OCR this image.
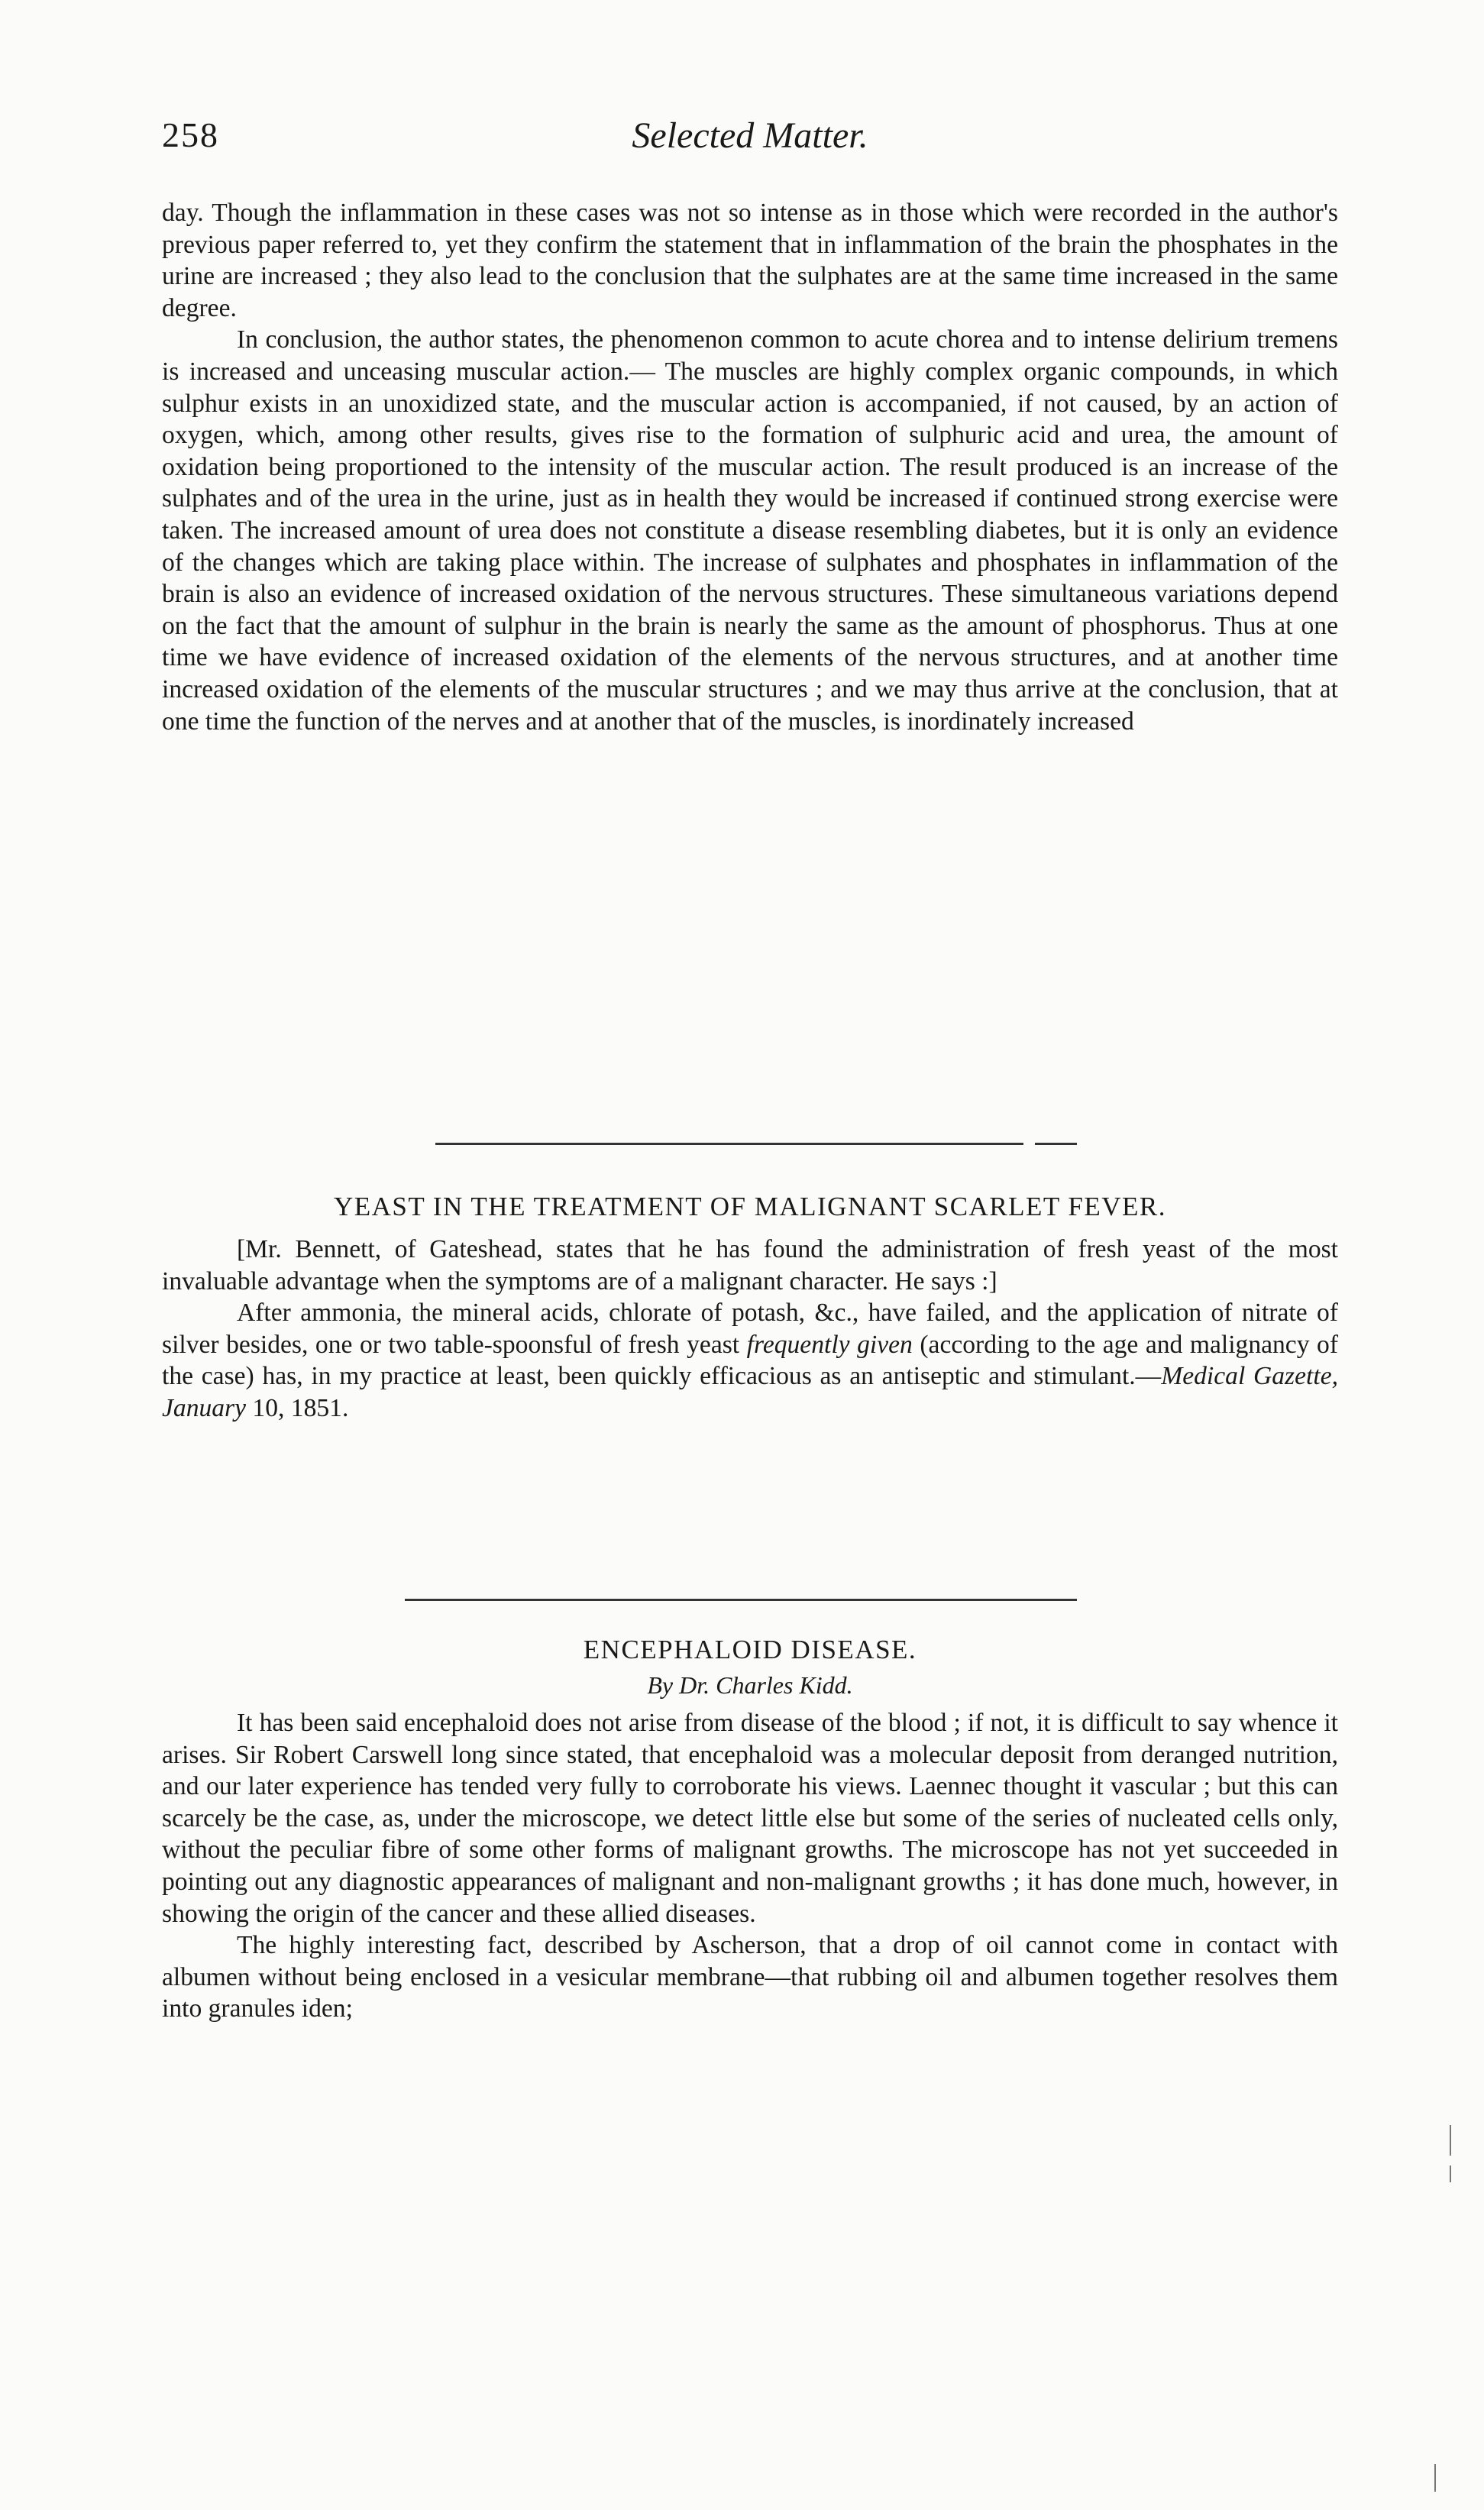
258	Selected Matter.

day. Though the inflammation in these cases was not so intense as in those which were recorded in the author's previous paper referred to, yet they confirm the statement that in inflammation of the brain the phosphates in the urine are increased ; they also lead to the conclusion that the sulphates are at the same time increased in the same degree.

In conclusion, the author states, the phenomenon common to acute chorea and to intense delirium tremens is increased and unceasing muscular action.— The muscles are highly complex organic compounds, in which sulphur exists in an unoxidized state, and the muscular action is accompanied, if not caused, by an action of oxygen, which, among other results, gives rise to the formation of sulphuric acid and urea, the amount of oxidation being proportioned to the intensity of the muscular action. The result produced is an increase of the sulphates and of the urea in the urine, just as in health they would be increased if continued strong exercise were taken. The increased amount of urea does not constitute a disease resembling diabetes, but it is only an evidence of the changes which are taking place within. The increase of sulphates and phosphates in inflammation of the brain is also an evidence of increased oxidation of the nervous structures. These simultaneous variations depend on the fact that the amount of sulphur in the brain is nearly the same as the amount of phosphorus. Thus at one time we have evidence of increased oxidation of the elements of the nervous structures, and at another time increased oxidation of the elements of the muscular structures ; and we may thus arrive at the conclusion, that at one time the function of the nerves and at another that of the muscles, is inordinately increased

YEAST IN THE TREATMENT OF MALIGNANT SCARLET FEVER.

[Mr. Bennett, of Gateshead, states that he has found the administration of fresh yeast of the most invaluable advantage when the symptoms are of a malignant character. He says :]

After ammonia, the mineral acids, chlorate of potash, &c., have failed, and the application of nitrate of silver besides, one or two table-spoonsful of fresh yeast frequently given (according to the age and malignancy of the case) has, in my practice at least, been quickly efficacious as an antiseptic and stimulant.—Medical Gazette, January 10, 1851.

ENCEPHALOID DISEASE.
By Dr. Charles Kidd.

It has been said encephaloid does not arise from disease of the blood ; if not, it is difficult to say whence it arises. Sir Robert Carswell long since stated, that encephaloid was a molecular deposit from deranged nutrition, and our later experience has tended very fully to corroborate his views. Laennec thought it vascular ; but this can scarcely be the case, as, under the microscope, we detect little else but some of the series of nucleated cells only, without the peculiar fibre of some other forms of malignant growths. The microscope has not yet succeeded in pointing out any diagnostic appearances of malignant and non-malignant growths ; it has done much, however, in showing the origin of the cancer and these allied diseases.

The highly interesting fact, described by Ascherson, that a drop of oil cannot come in contact with albumen without being enclosed in a vesicular membrane—that rubbing oil and albumen together resolves them into granules iden;
